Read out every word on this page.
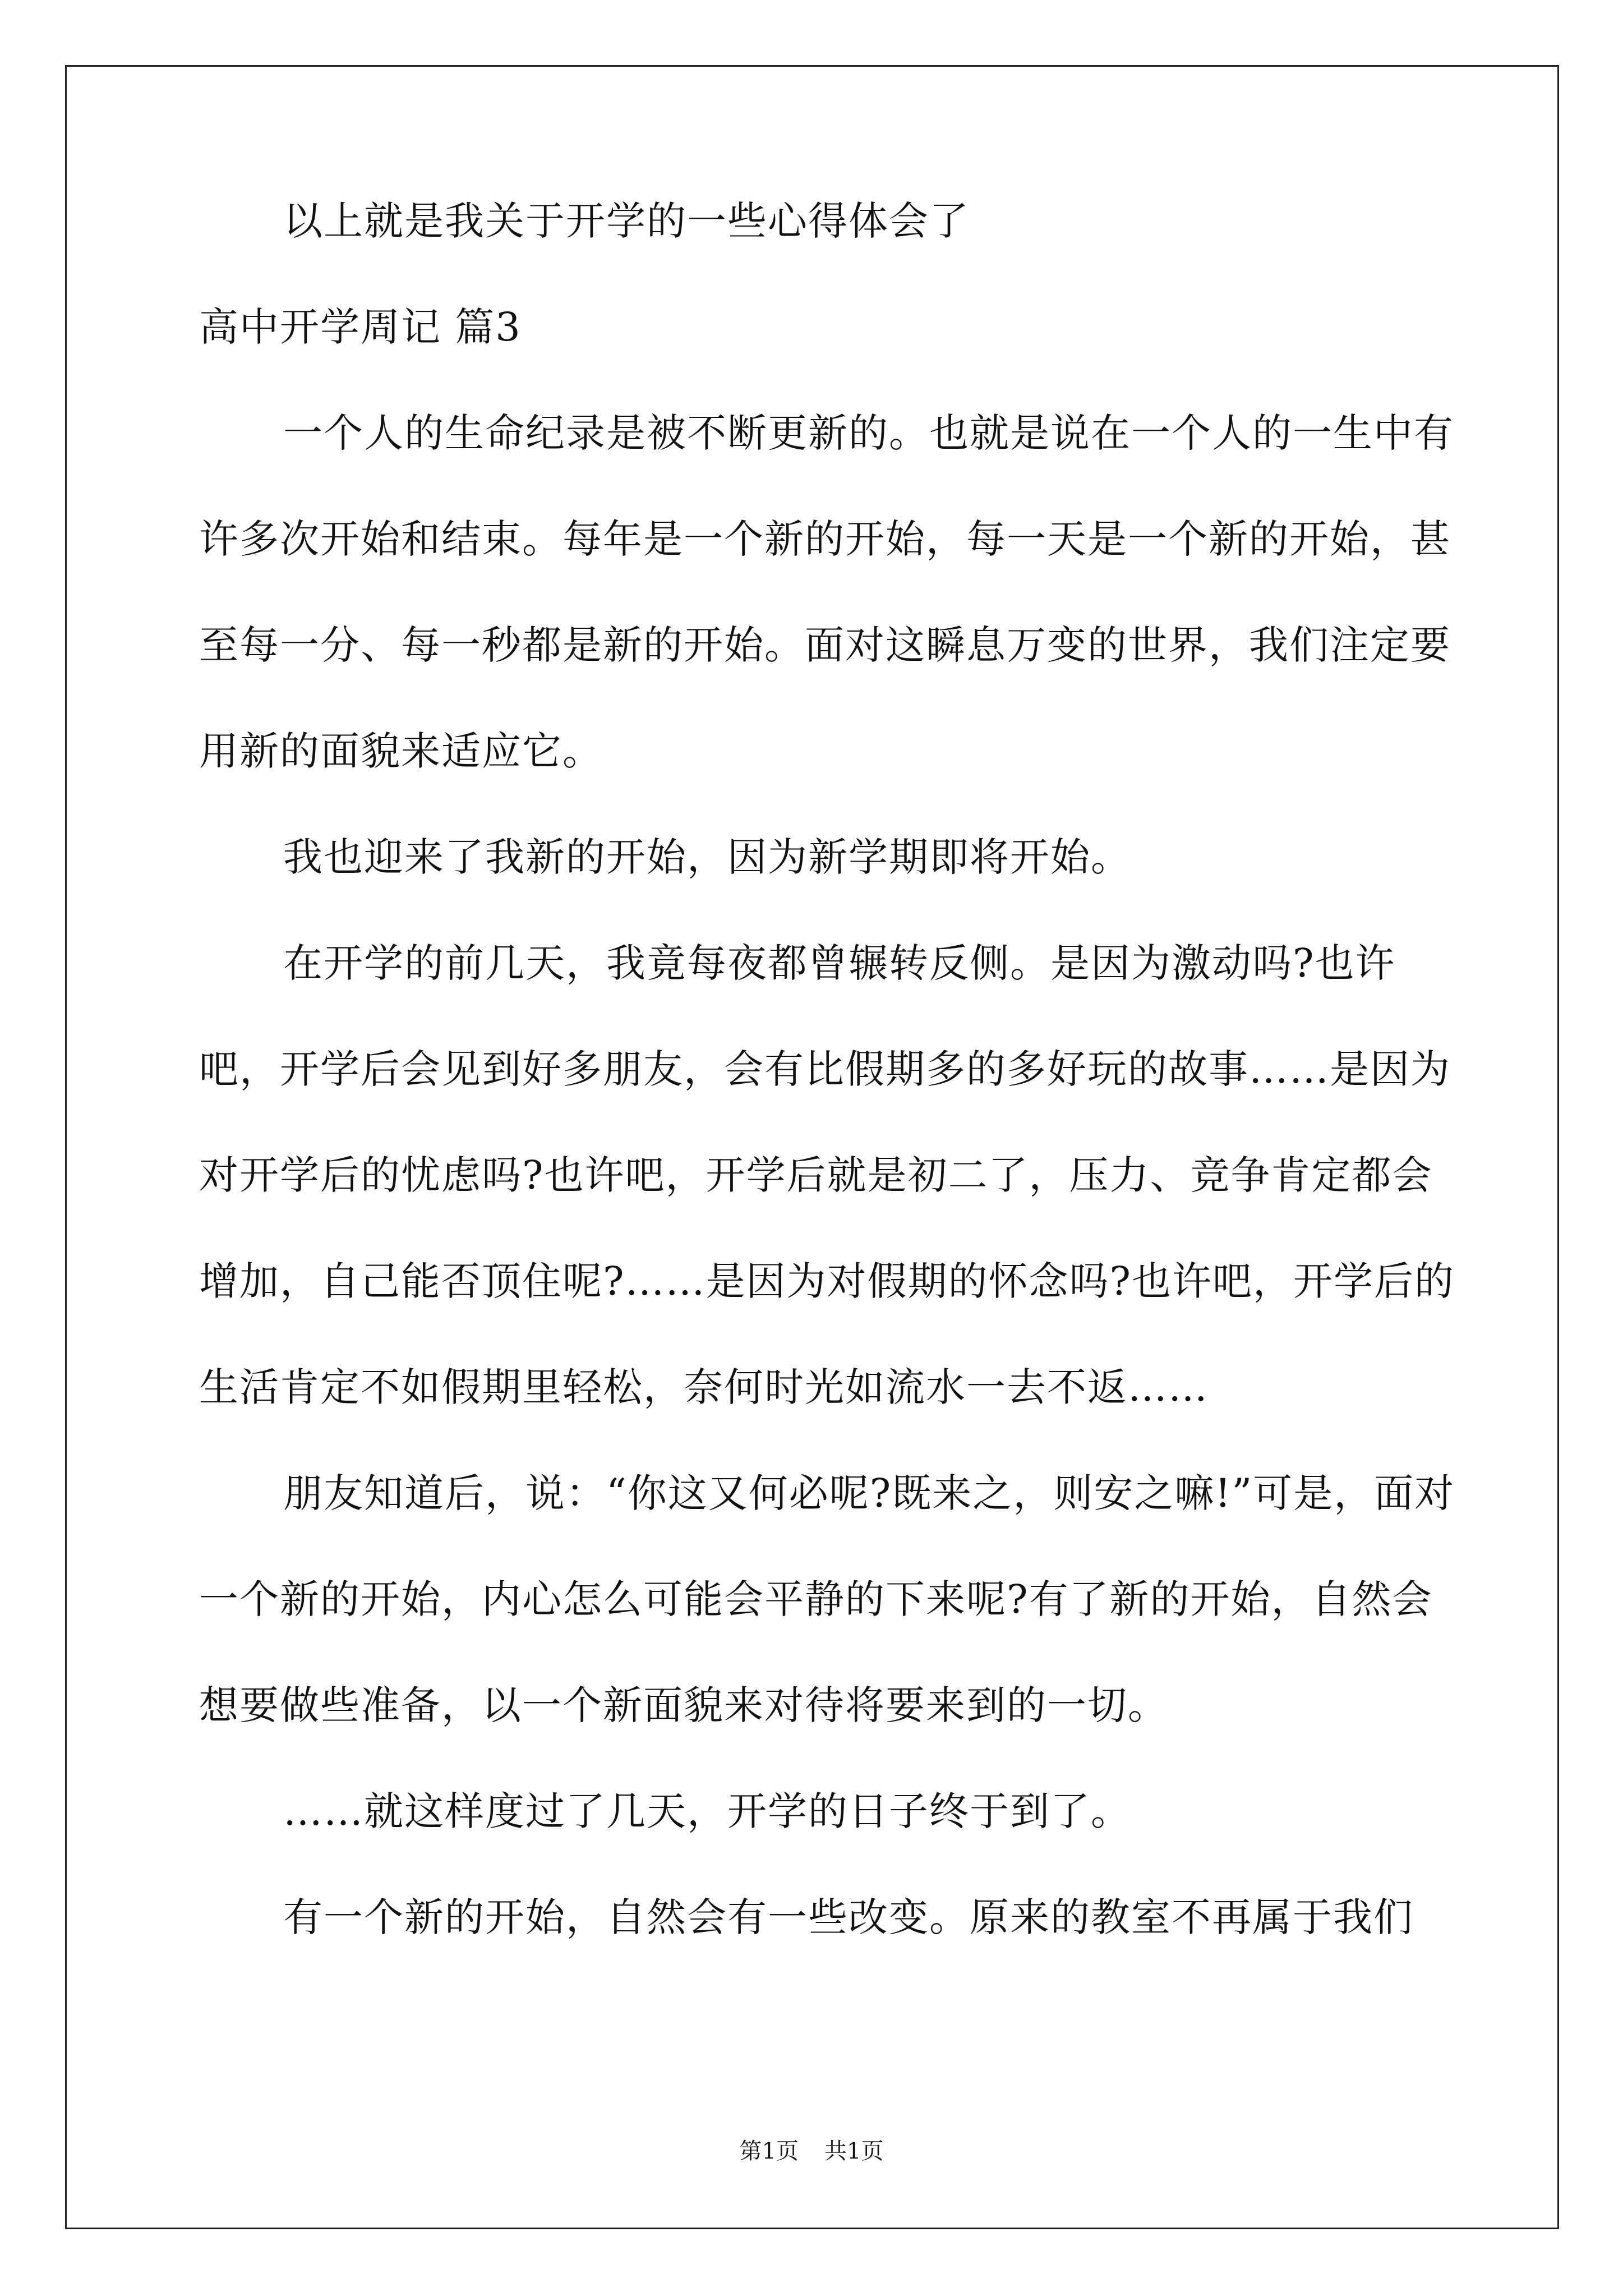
以上就是我关于开学的一些心得体会了

高中开学周记 篇3

一个人的生命纪录是被不断更新的。也就是说在一个人的一生中有许多次开始和结束。每年是一个新的开始，每一天是一个新的开始，甚至每一分、每一秒都是新的开始。面对这瞬息万变的世界，我们注定要用新的面貌来适应它。

我也迎来了我新的开始，因为新学期即将开始。

在开学的前几天，我竟每夜都曾辗转反侧。是因为激动吗?也许吧，开学后会见到好多朋友，会有比假期多的多好玩的故事……是因为对开学后的忧虑吗?也许吧，开学后就是初二了，压力、竞争肯定都会增加，自己能否顶住呢?……是因为对假期的怀念吗?也许吧，开学后的生活肯定不如假期里轻松，奈何时光如流水一去不返……

朋友知道后，说：“你这又何必呢?既来之，则安之嘛!”可是，面对一个新的开始，内心怎么可能会平静的下来呢?有了新的开始，自然会想要做些准备，以一个新面貌来对待将要来到的一切。

……就这样度过了几天，开学的日子终于到了。

有一个新的开始，自然会有一些改变。原来的教室不再属于我们

第1页 共1页
